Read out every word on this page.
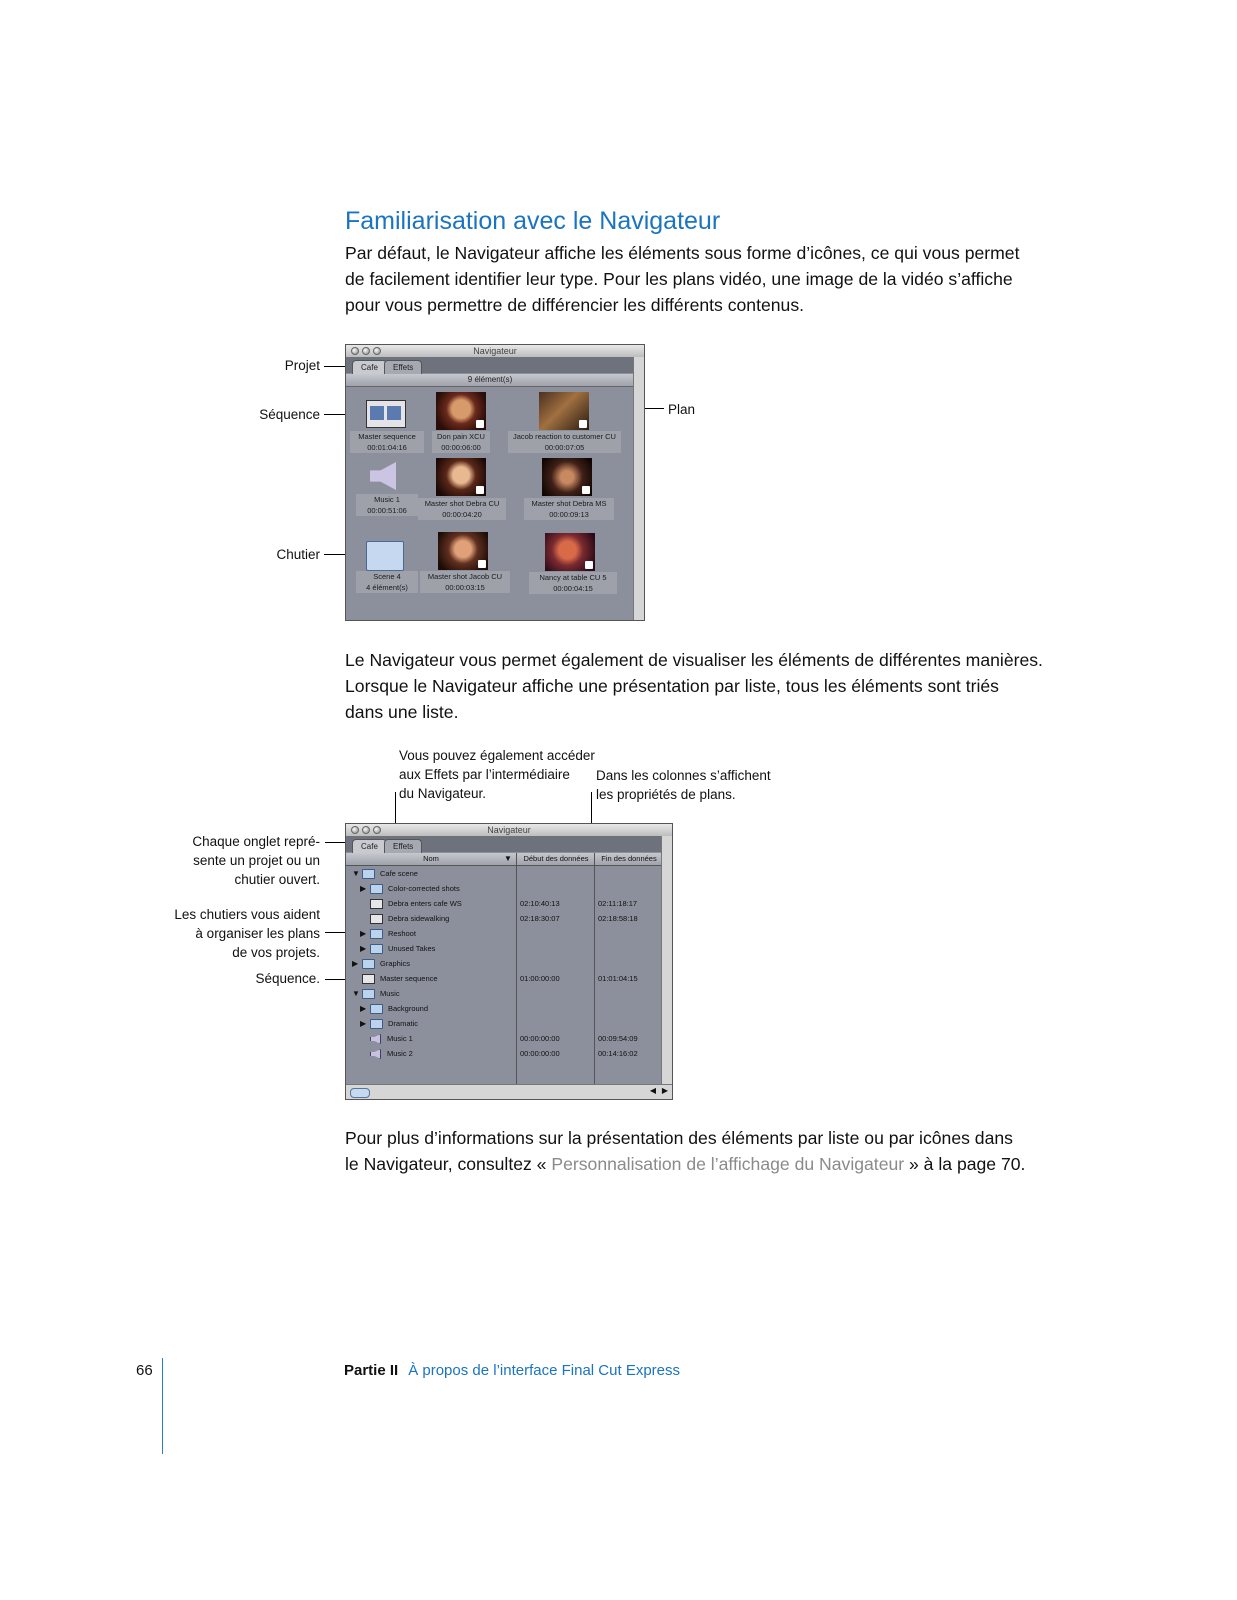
Familiarisation avec le Navigateur

Par défaut, le Navigateur affiche les éléments sous forme d’icônes, ce qui vous permet

de facilement identifier leur type. Pour les plans vidéo, une image de la vidéo s’affiche

pour vous permettre de différencier les différents contenus.

Projet
Séquence
Chutier
Plan
Navigateur
Cafe	Effets
9 élément(s)
Master sequence
00:01:04:16
Don pain XCU
00:00:06:00
Jacob reaction to customer CU
00:00:07:05
Music 1
00:00:51:06
Master shot Debra CU
00:00:04:20
Master shot Debra MS
00:00:09:13
Scene 4
4 élément(s)
Master shot Jacob CU
00:00:03:15
Nancy at table CU 5
00:00:04:15

Le Navigateur vous permet également de visualiser les éléments de différentes manières.

Lorsque le Navigateur affiche une présentation par liste, tous les éléments sont triés

dans une liste.

Vous pouvez également accéder
aux Effets par l’intermédiaire
du Navigateur.
Dans les colonnes s’affichent
les propriétés de plans.
Chaque onglet repré-
sente un projet ou un
chutier ouvert.
Les chutiers vous aident
à organiser les plans
de vos projets.
Séquence.
Navigateur
Cafe	Effets
Nom	▼	Début des données	Fin des données
▼	Cafe scene
▶	Color-corrected shots
Debra enters cafe WS	02:10:40:13	02:11:18:17
Debra sidewalking	02:18:30:07	02:18:58:18
▶	Reshoot
▶	Unused Takes
▶	Graphics
Master sequence	01:00:00:00	01:01:04:15
▼	Music
▶	Background
▶	Dramatic
Music 1	00:00:00:00	00:09:54:09
Music 2	00:00:00:00	00:14:16:02
◀ ▶

Pour plus d’informations sur la présentation des éléments par liste ou par icônes dans

le Navigateur, consultez « Personnalisation de l’affichage du Navigateur » à la page 70.

66	Partie II À propos de l’interface Final Cut Express
